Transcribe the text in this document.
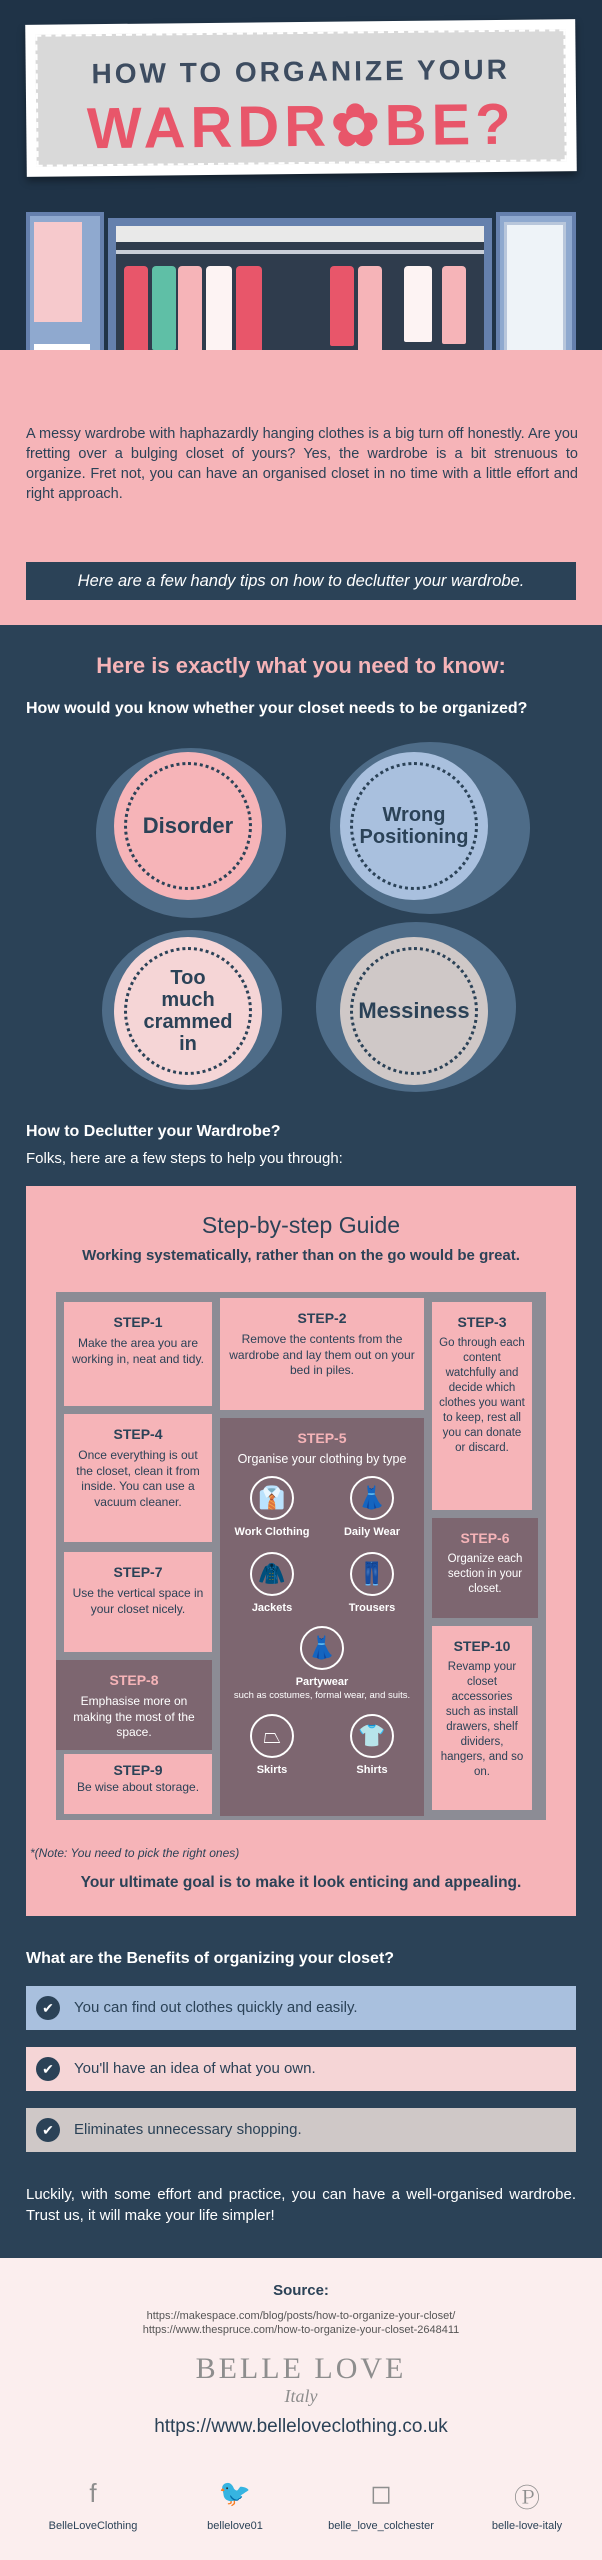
HOW TO ORGANIZE YOUR
WARDR✿BE?
A messy wardrobe with haphazardly hanging clothes is a big turn off honestly. Are you fretting over a bulging closet of yours? Yes, the wardrobe is a bit strenuous to organize. Fret not, you can have an organised closet in no time with a little effort and right approach.
Here are a few handy tips on how to declutter your wardrobe.
Here is exactly what you need to know:
How would you know whether your closet needs to be organized?
Disorder	Wrong Positioning
Too much crammed in
Messiness
How to Declutter your Wardrobe?
Folks, here are a few steps to help you through:
Step-by-step Guide
Working systematically, rather than on the go would be great.
STEP-1
Make the area you are working in, neat and tidy.
STEP-4
Once everything is out the closet, clean it from inside. You can use a vacuum cleaner.
STEP-7
Use the vertical space in your closet nicely.
STEP-8
Emphasise more on making the most of the space.
STEP-9
Be wise about storage.
STEP-2
Remove the contents from the wardrobe and lay them out on your bed in piles.
STEP-5
Organise your clothing by type
👔
Work Clothing
👗
Daily Wear
🧥
Jackets
👖
Trousers
👗
Partywear
such as costumes, formal wear, and suits.
⏢
Skirts
👕
Shirts
STEP-3
Go through each content watchfully and decide which clothes you want to keep, rest all you can donate or discard.
STEP-6
Organize each section in your closet.
STEP-10
Revamp your closet accessories such as install drawers, shelf dividers, hangers, and so on.
*(Note: You need to pick the right ones)
Your ultimate goal is to make it look enticing and appealing.
What are the Benefits of organizing your closet?
✔	You can find out clothes quickly and easily.
✔	You'll have an idea of what you own.
✔	Eliminates unnecessary shopping.
Luckily, with some effort and practice, you can have a well-organised wardrobe. Trust us, it will make your life simpler!
Source:
https://makespace.com/blog/posts/how-to-organize-your-closet/
https://www.thespruce.com/how-to-organize-your-closet-2648411
BELLE LOVE
Italy
https://www.belleloveclothing.co.uk
f
BelleLoveClothing
🐦
bellelove01
◻
belle_love_colchester
Ⓟ
belle-love-italy
